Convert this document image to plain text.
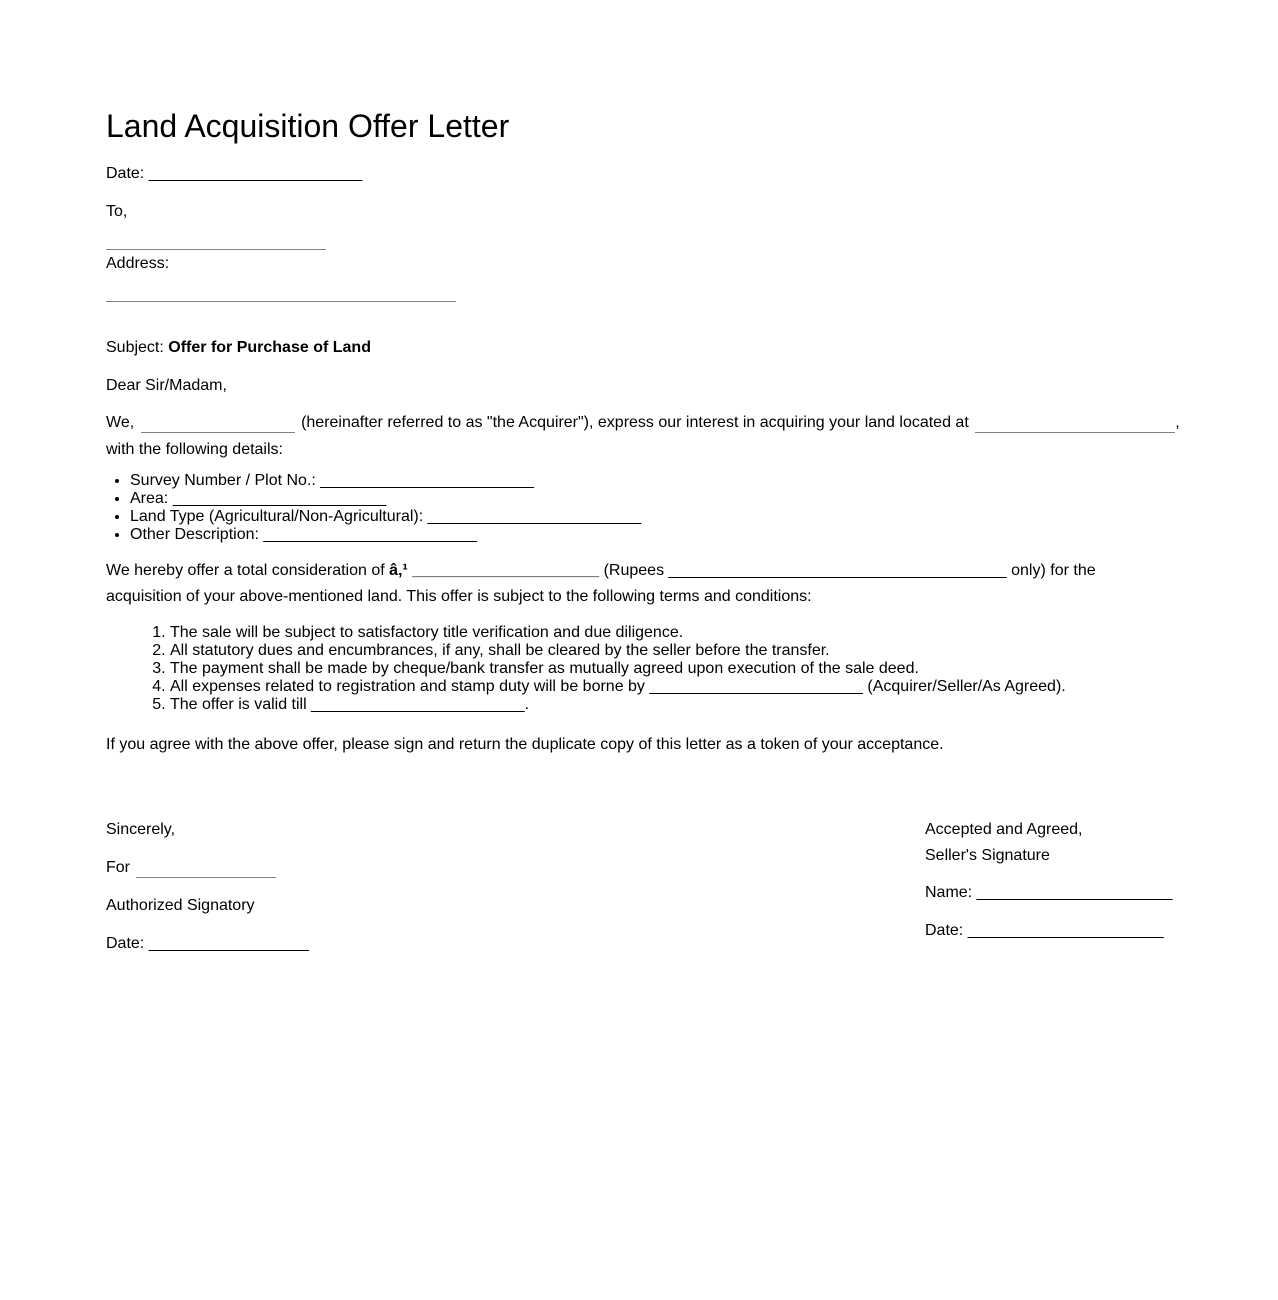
Land Acquisition Offer Letter
Date: ________________________
To,
Address:
Subject: Offer for Purchase of Land
Dear Sir/Madam,
We,	(hereinafter referred to as "the Acquirer"), express our interest in acquiring your land located at	,
with the following details:
• Survey Number / Plot No.: ________________________
• Area: ________________________
• Land Type (Agricultural/Non-Agricultural): ________________________
• Other Description: ________________________
We hereby offer a total consideration of â‚¹ _____________________ (Rupees ______________________________________ only) for the
acquisition of your above-mentioned land. This offer is subject to the following terms and conditions:
1. The sale will be subject to satisfactory title verification and due diligence.
2. All statutory dues and encumbrances, if any, shall be cleared by the seller before the transfer.
3. The payment shall be made by cheque/bank transfer as mutually agreed upon execution of the sale deed.
4. All expenses related to registration and stamp duty will be borne by ________________________ (Acquirer/Seller/As Agreed).
5. The offer is valid till ________________________.
If you agree with the above offer, please sign and return the duplicate copy of this letter as a token of your acceptance.
Sincerely,
For
Authorized Signatory
Date: __________________
Accepted and Agreed,
Seller's Signature
Name: ______________________
Date: ______________________
